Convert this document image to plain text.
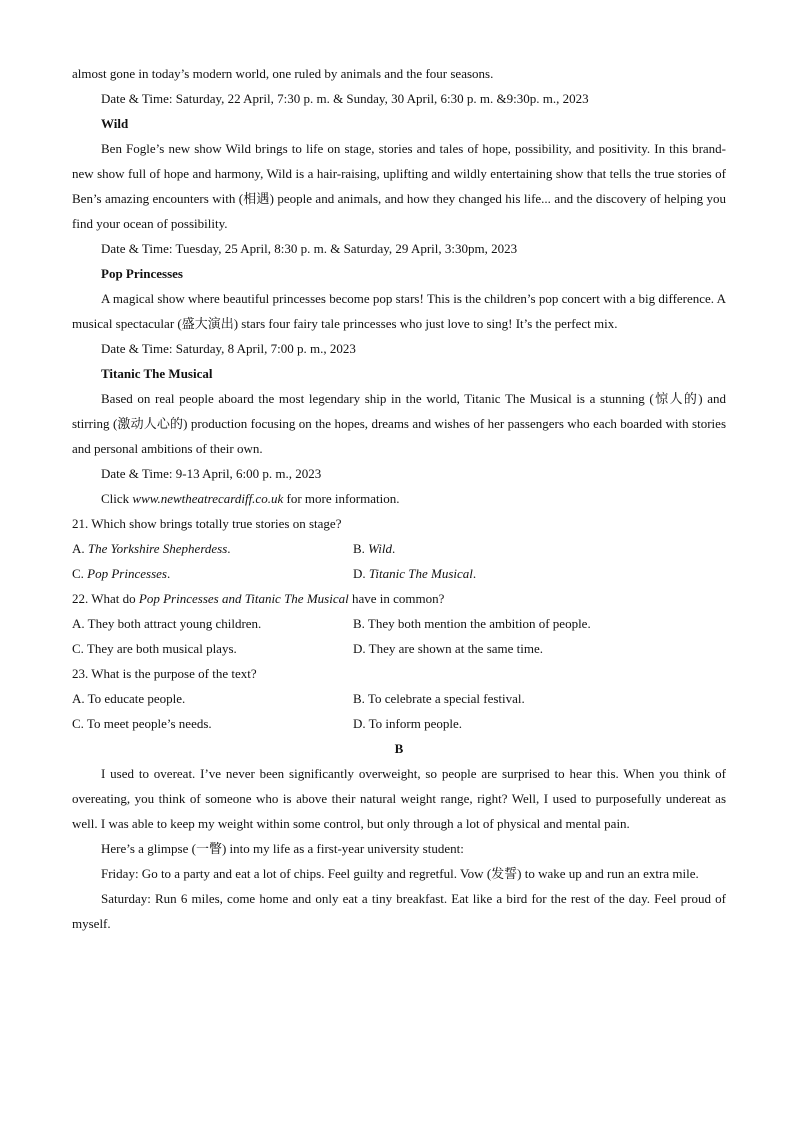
almost gone in today’s modern world, one ruled by animals and the four seasons.
Date & Time: Saturday, 22 April, 7:30 p. m. & Sunday, 30 April, 6:30 p. m. &9:30p. m., 2023
Wild

Ben Fogle’s new show Wild brings to life on stage, stories and tales of hope, possibility, and positivity. In this brand-new show full of hope and harmony, Wild is a hair-raising, uplifting and wildly entertaining show that tells the true stories of Ben’s amazing encounters with (相遇) people and animals, and how they changed his life... and the discovery of helping you find your ocean of possibility.

Date & Time: Tuesday, 25 April, 8:30 p. m. & Saturday, 29 April, 3:30pm, 2023
Pop Princesses

A magical show where beautiful princesses become pop stars! This is the children’s pop concert with a big difference. A musical spectacular (盛大演出) stars four fairy tale princesses who just love to sing! It’s the perfect mix.

Date & Time: Saturday, 8 April, 7:00 p. m., 2023
Titanic The Musical

Based on real people aboard the most legendary ship in the world, Titanic The Musical is a stunning (惊人的) and stirring (激动人心的) production focusing on the hopes, dreams and wishes of her passengers who each boarded with stories and personal ambitions of their own.

Date & Time: 9-13 April, 6:00 p. m., 2023
Click www.newtheatrecardiff.co.uk for more information.
21. Which show brings totally true stories on stage?
A. The Yorkshire Shepherdess.	B. Wild.
C. Pop Princesses.	D. Titanic The Musical.
22. What do Pop Princesses and Titanic The Musical have in common?
A. They both attract young children.	B. They both mention the ambition of people.
C. They are both musical plays.	D. They are shown at the same time.
23. What is the purpose of the text?
A. To educate people.	B. To celebrate a special festival.
C. To meet people’s needs.	D. To inform people.
B

I used to overeat. I’ve never been significantly overweight, so people are surprised to hear this. When you think of overeating, you think of someone who is above their natural weight range, right? Well, I used to purposefully undereat as well. I was able to keep my weight within some control, but only through a lot of physical and mental pain.

Here’s a glimpse (一瞥) into my life as a first-year university student:

Friday: Go to a party and eat a lot of chips. Feel guilty and regretful. Vow (发誓) to wake up and run an extra mile.

Saturday: Run 6 miles, come home and only eat a tiny breakfast. Eat like a bird for the rest of the day. Feel proud of myself.
